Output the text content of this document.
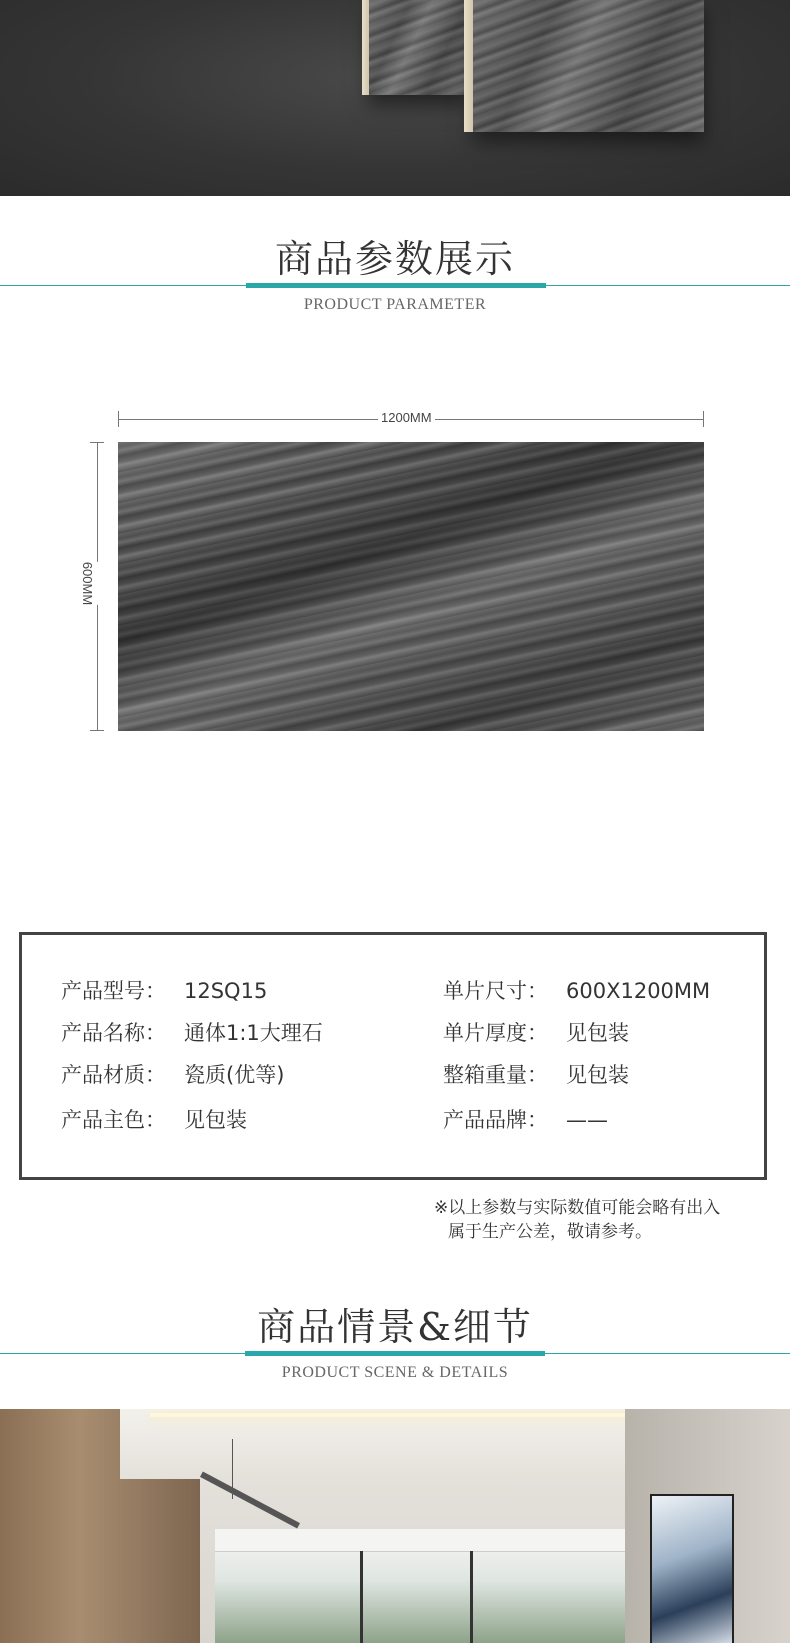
商品参数展示
PRODUCT PARAMETER
1200MM
600MM
产品型号： 12SQ15
产品名称： 通体1:1大理石
产品材质： 瓷质(优等)
产品主色： 见包装
单片尺寸： 600X1200MM
单片厚度： 见包装
整箱重量： 见包装
产品品牌： ——
※以上参数与实际数值可能会略有出入
属于生产公差，敬请参考。
商品情景&细节
PRODUCT SCENE & DETAILS
